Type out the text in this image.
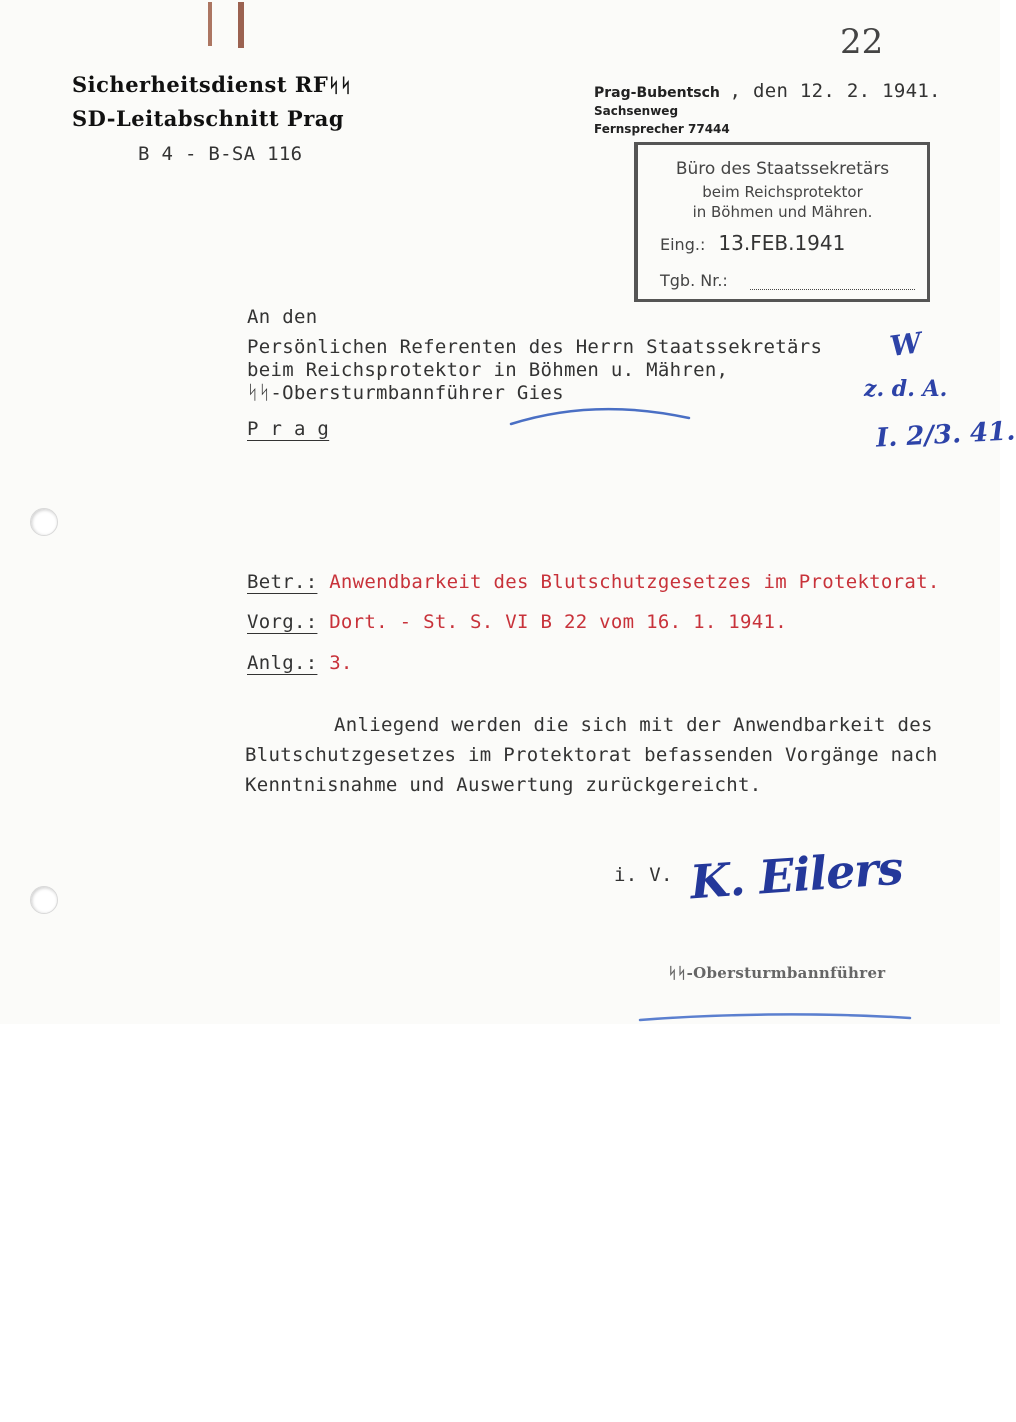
22
Sicherheitsdienst RFᛋᛋ
SD-Leitabschnitt Prag
B 4 - B-SA 116
Prag-Bubentsch , den 12. 2. 1941.
Sachsenweg
Fernsprecher 77444
Büro des Staatssekretärs
beim Reichsprotektor
in Böhmen und Mähren.
Eing.: 13.FEB.1941
Tgb. Nr.:
An den
Persönlichen Referenten des Herrn Staatssekretärs
beim Reichsprotektor in Böhmen u. Mähren,
ᛋᛋ-Obersturmbannführer Gies
P r a g
W
z. d. A.
I. 2/3. 41.
Betr.: Anwendbarkeit des Blutschutzgesetzes im Protektorat.
Vorg.: Dort. - St. S. VI B 22 vom 16. 1. 1941.
Anlg.: 3.
Anliegend werden die sich mit der Anwendbarkeit des
Blutschutzgesetzes im Protektorat befassenden Vorgänge nach
Kenntnisnahme und Auswertung zurückgereicht.
i. V. K. Eilers
ᛋᛋ-Obersturmbannführer
